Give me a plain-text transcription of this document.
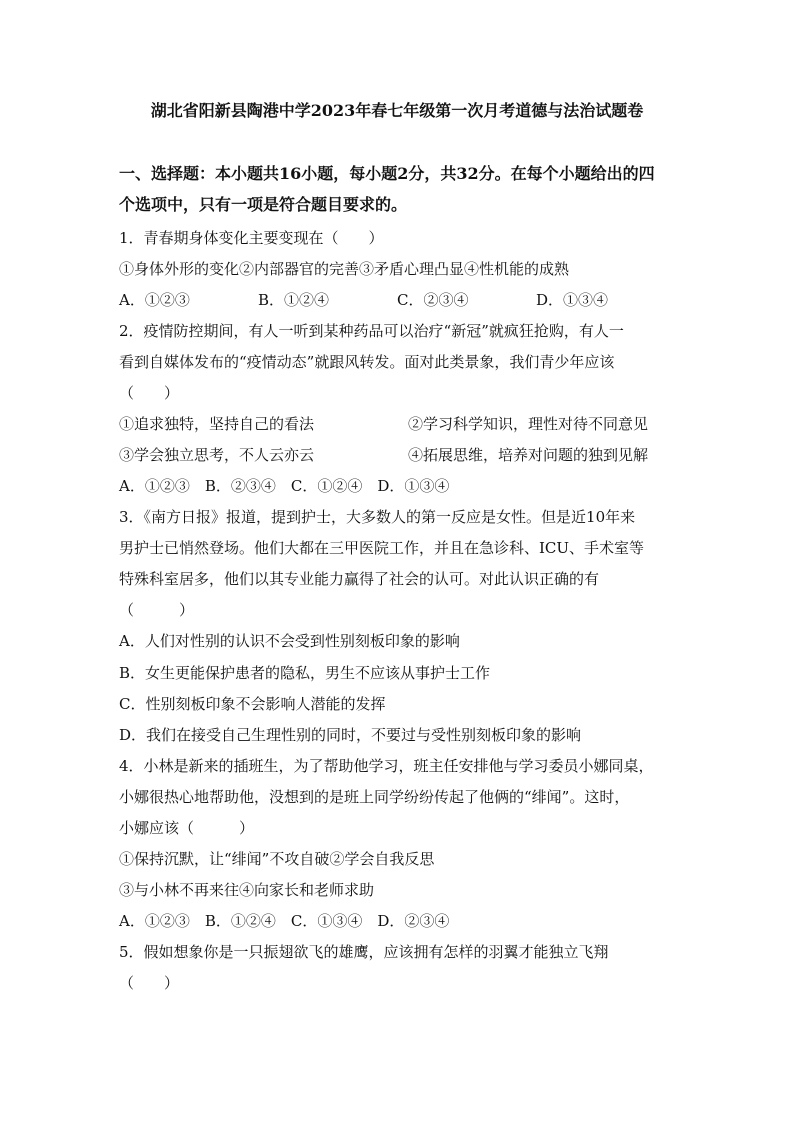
湖北省阳新县陶港中学2023年春七年级第一次月考道德与法治试题卷
一、选择题：本小题共16小题，每小题2分，共32分。在每个小题给出的四
个选项中，只有一项是符合题目要求的。
1．青春期身体变化主要变现在（　　）
①身体外形的变化②内部器官的完善③矛盾心理凸显④性机能的成熟
A．①②③	B．①②④	C．②③④	D．①③④
2．疫情防控期间，有人一听到某种药品可以治疗“新冠”就疯狂抢购，有人一
看到自媒体发布的“疫情动态”就跟风转发。面对此类景象，我们青少年应该
（　　）
①追求独特，坚持自己的看法	②学习科学知识，理性对待不同意见
③学会独立思考，不人云亦云	④拓展思维，培养对问题的独到见解
A．①②③　B．②③④　C．①②④　D．①③④
3．《南方日报》报道，提到护士，大多数人的第一反应是女性。但是近10年来
男护士已悄然登场。他们大都在三甲医院工作，并且在急诊科、ICU、手术室等
特殊科室居多，他们以其专业能力赢得了社会的认可。对此认识正确的有
（　　　）
A．人们对性别的认识不会受到性别刻板印象的影响
B．女生更能保护患者的隐私，男生不应该从事护士工作
C．性别刻板印象不会影响人潜能的发挥
D．我们在接受自己生理性别的同时，不要过与受性别刻板印象的影响
4．小林是新来的插班生，为了帮助他学习，班主任安排他与学习委员小娜同桌，
小娜很热心地帮助他，没想到的是班上同学纷纷传起了他俩的“绯闻”。这时，
小娜应该（　　　）
①保持沉默，让“绯闻”不攻自破②学会自我反思
③与小林不再来往④向家长和老师求助
A．①②③　B．①②④　C．①③④　D．②③④
5．假如想象你是一只振翅欲飞的雄鹰，应该拥有怎样的羽翼才能独立飞翔
（　　）
